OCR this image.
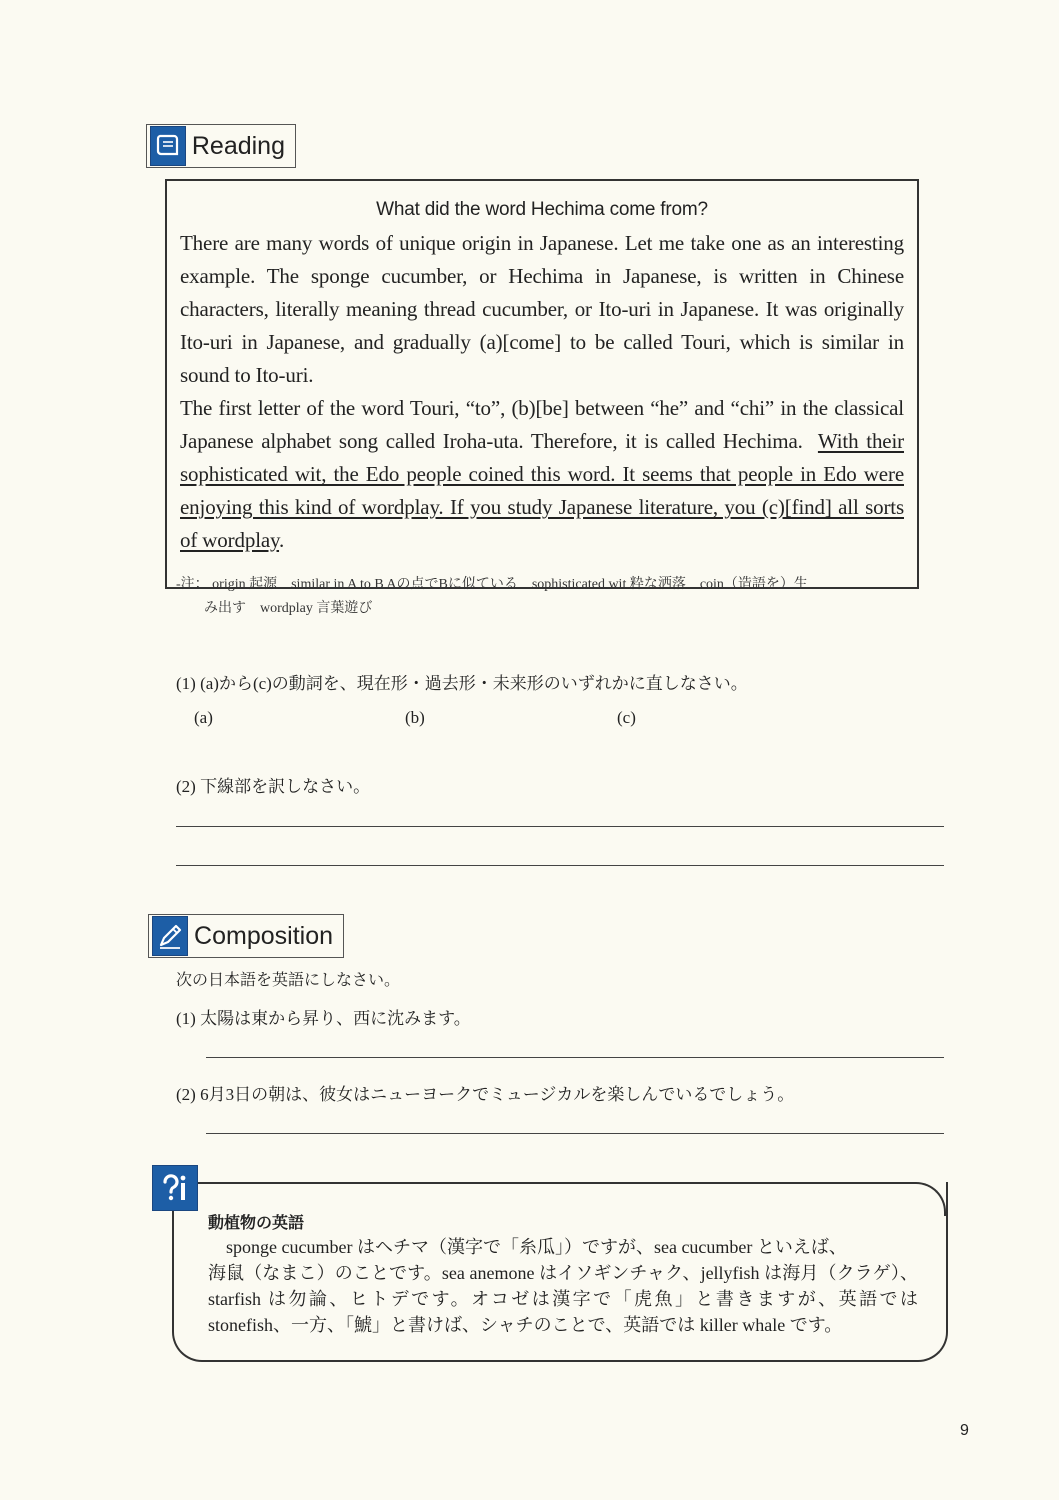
Reading

What did the word Hechima come from?

There are many words of unique origin in Japanese. Let me take one as an interesting example. The sponge cucumber, or Hechima in Japanese, is written in Chinese characters, literally meaning thread cucumber, or Ito-uri in Japanese. It was originally Ito-uri in Japanese, and gradually (a)[come] to be called Touri, which is similar in sound to Ito-uri.

The first letter of the word Touri, “to”, (b)[be] between “he” and “chi” in the classical Japanese alphabet song called Iroha-uta. Therefore, it is called Hechima. With their sophisticated wit, the Edo people coined this word. It seems that people in Edo were enjoying this kind of wordplay. If you study Japanese literature, you (c)[find] all sorts of wordplay.

-注： origin 起源　similar in A to B Aの点でBに似ている　sophisticated wit 粋な洒落　coin（造語を）生
み出す　wordplay 言葉遊び
(1) (a)から(c)の動詞を、現在形・過去形・未来形のいずれかに直しなさい。
(a)	(b)	(c)
(2) 下線部を訳しなさい。
Composition
次の日本語を英語にしなさい。
(1) 太陽は東から昇り、西に沈みます。
(2) 6月3日の朝は、彼女はニューヨークでミュージカルを楽しんでいるでしょう。
動植物の英語
sponge cucumber はヘチマ（漢字で「糸瓜」）ですが、sea cucumber といえば、
海鼠（なまこ）のことです。sea anemone はイソギンチャク、jellyfish は海月（クラゲ）、starfish は勿論、ヒトデです。オコゼは漢字で「虎魚」と書きますが、英語では stonefish、一方、「鯱」と書けば、シャチのことで、英語では killer whale です。
9
